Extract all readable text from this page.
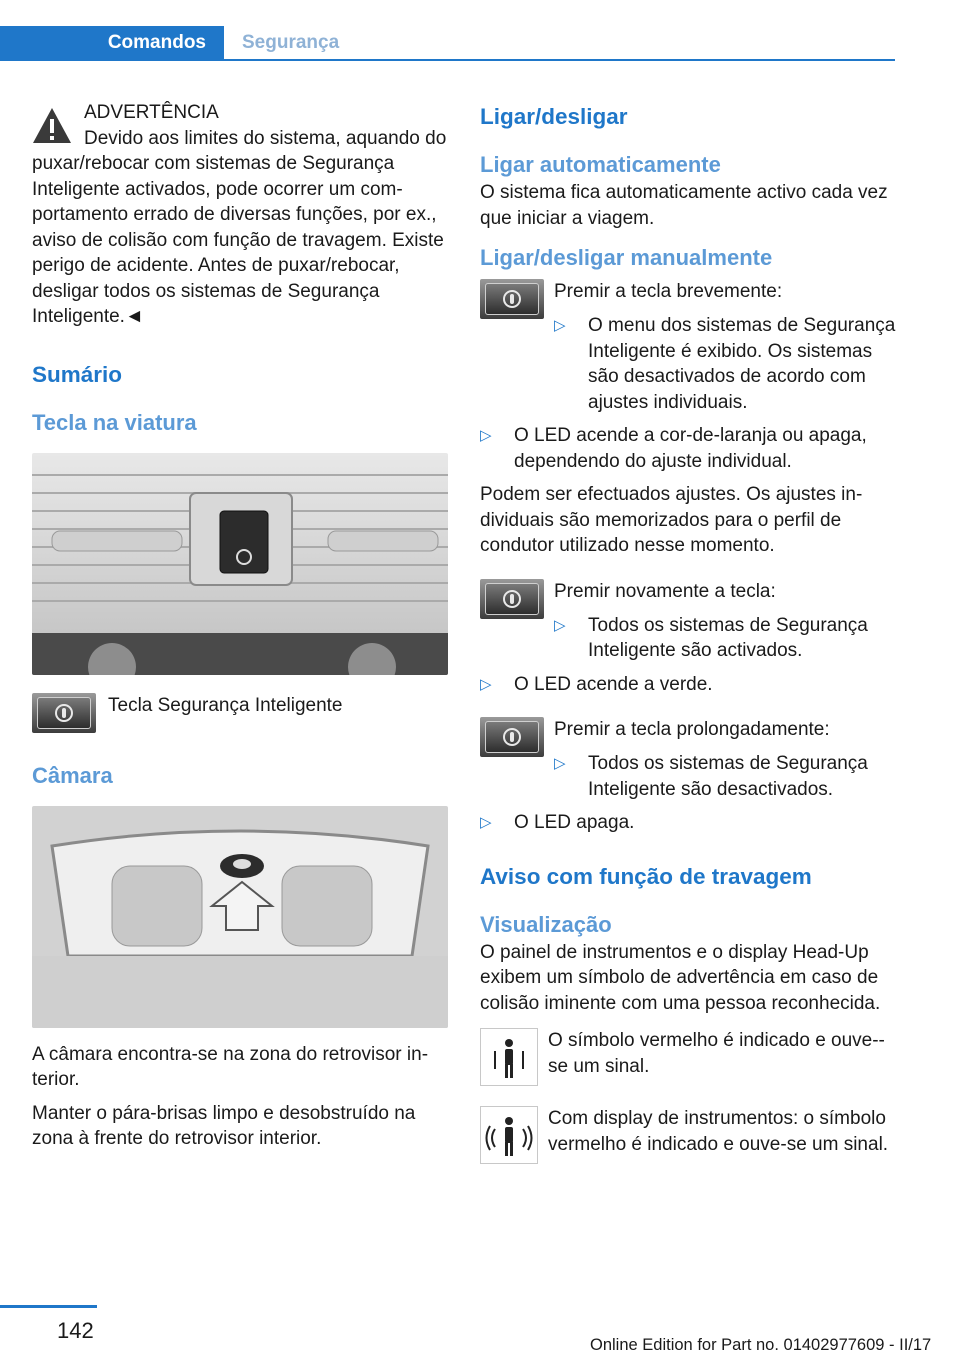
Comandos	Segurança
ADVERTÊNCIA
Devido aos limites do sistema, aquando do puxar/rebocar com sistemas de Segurança Inteligente activados, pode ocorrer um comportamento errado de diversas funções, por ex., aviso de colisão com função de travagem. Existe perigo de acidente. Antes de puxar/rebocar, desligar todos os sistemas de Segurança Inteligente.◄
Sumário
Tecla na viatura
Tecla Segurança Inteligente
Câmara

A câmara encontra-se na zona do retrovisor interior.

Manter o pára-brisas limpo e desobstruído na zona à frente do retrovisor interior.

Ligar/desligar
Ligar automaticamente

O sistema fica automaticamente activo cada vez que iniciar a viagem.

Ligar/desligar manualmente
Premir a tecla brevemente:
▷ O menu dos sistemas de Segurança Inteligente é exibido. Os sistemas são desactivados de acordo com ajustes individuais.
▷ O LED acende a cor-de-laranja ou apaga, dependendo do ajuste individual.

Podem ser efectuados ajustes. Os ajustes individuais são memorizados para o perfil de condutor utilizado nesse momento.

Premir novamente a tecla:
▷ Todos os sistemas de Segurança Inteligente são activados.
▷ O LED acende a verde.
Premir a tecla prolongadamente:
▷ Todos os sistemas de Segurança Inteligente são desactivados.
▷ O LED apaga.
Aviso com função de travagem
Visualização

O painel de instrumentos e o display Head-Up exibem um símbolo de advertência em caso de colisão iminente com uma pessoa reconhecida.

O símbolo vermelho é indicado e ouve--se um sinal.
Com display de instrumentos: o símbolo vermelho é indicado e ouve-se um sinal.
142
Online Edition for Part no. 01402977609 - II/17
